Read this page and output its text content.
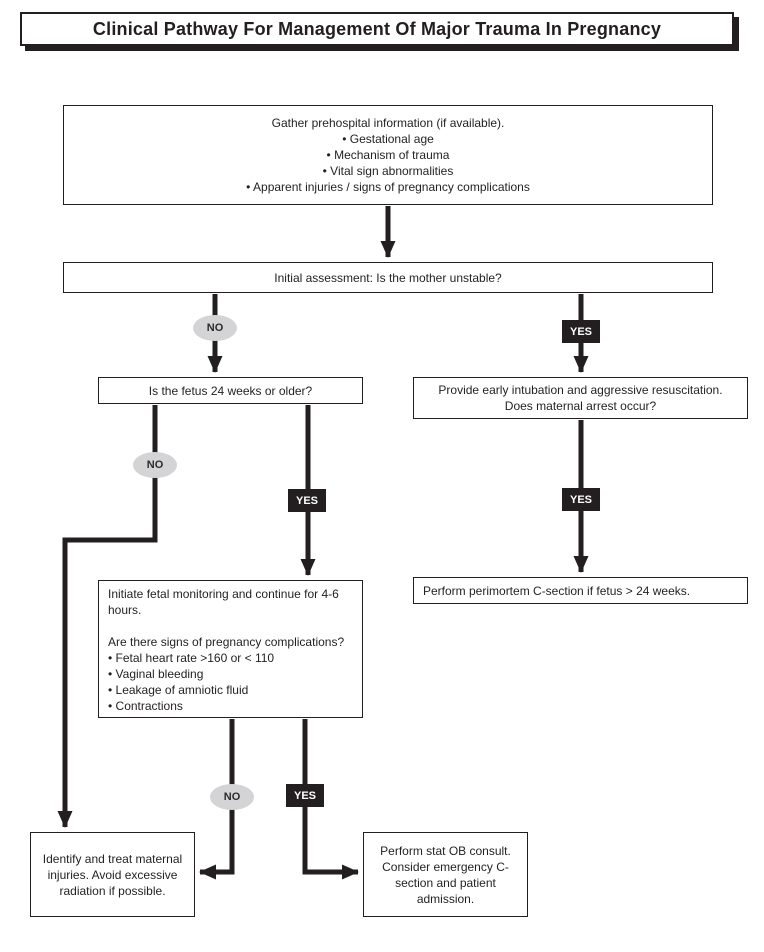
Clinical Pathway For Management Of Major Trauma In Pregnancy
Gather prehospital information (if available).
• Gestational age
• Mechanism of trauma
• Vital sign abnormalities
• Apparent injuries / signs of pregnancy complications
Initial assessment: Is the mother unstable?
Is the fetus 24 weeks or older?	Provide early intubation and aggressive resuscitation.
Does maternal arrest occur?
Perform perimortem C-section if fetus > 24 weeks.
Initiate fetal monitoring and continue for 4-6 hours.
Are there signs of pregnancy complications?
• Fetal heart rate >160 or < 110
• Vaginal bleeding
• Leakage of amniotic fluid
• Contractions
Identify and treat maternal injuries. Avoid excessive radiation if possible.
Perform stat OB consult. Consider emergency C-section and patient admission.
NO	YES
NO
YES	YES
NO	YES
